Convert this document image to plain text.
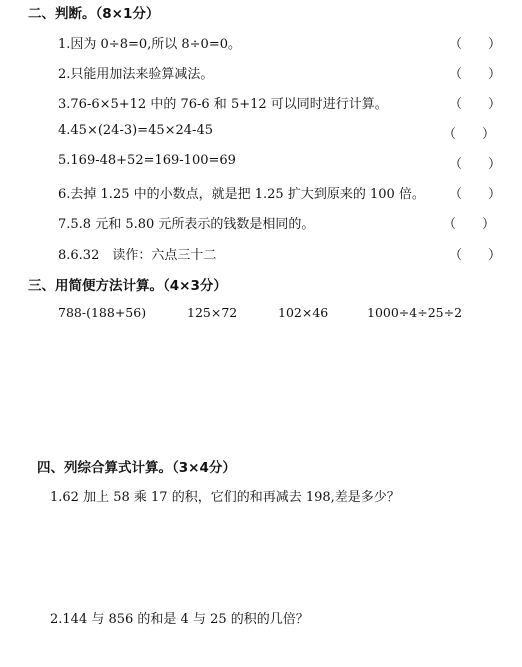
二、判断。（8×1分）
1.因为 0÷8=0,所以 8÷0=0。	（　　）
2.只能用加法来验算减法。	（　　）
3.76-6×5+12 中的 76-6 和 5+12 可以同时进行计算。	（　　）
4.45×(24-3)=45×24-45	（　　）
5.169-48+52=169-100=69	（　　）
6.去掉 1.25 中的小数点，就是把 1.25 扩大到原来的 100 倍。 （　　）
7.5.8 元和 5.80 元所表示的钱数是相同的。	（　　）
8.6.32　读作：六点三十二	（　　）
三、用简便方法计算。（4×3分）
788-(188+56)	125×72	102×46	1000÷4÷25÷2
四、列综合算式计算。（3×4分）
1.62 加上 58 乘 17 的积，它们的和再减去 198,差是多少？
2.144 与 856 的和是 4 与 25 的积的几倍？
